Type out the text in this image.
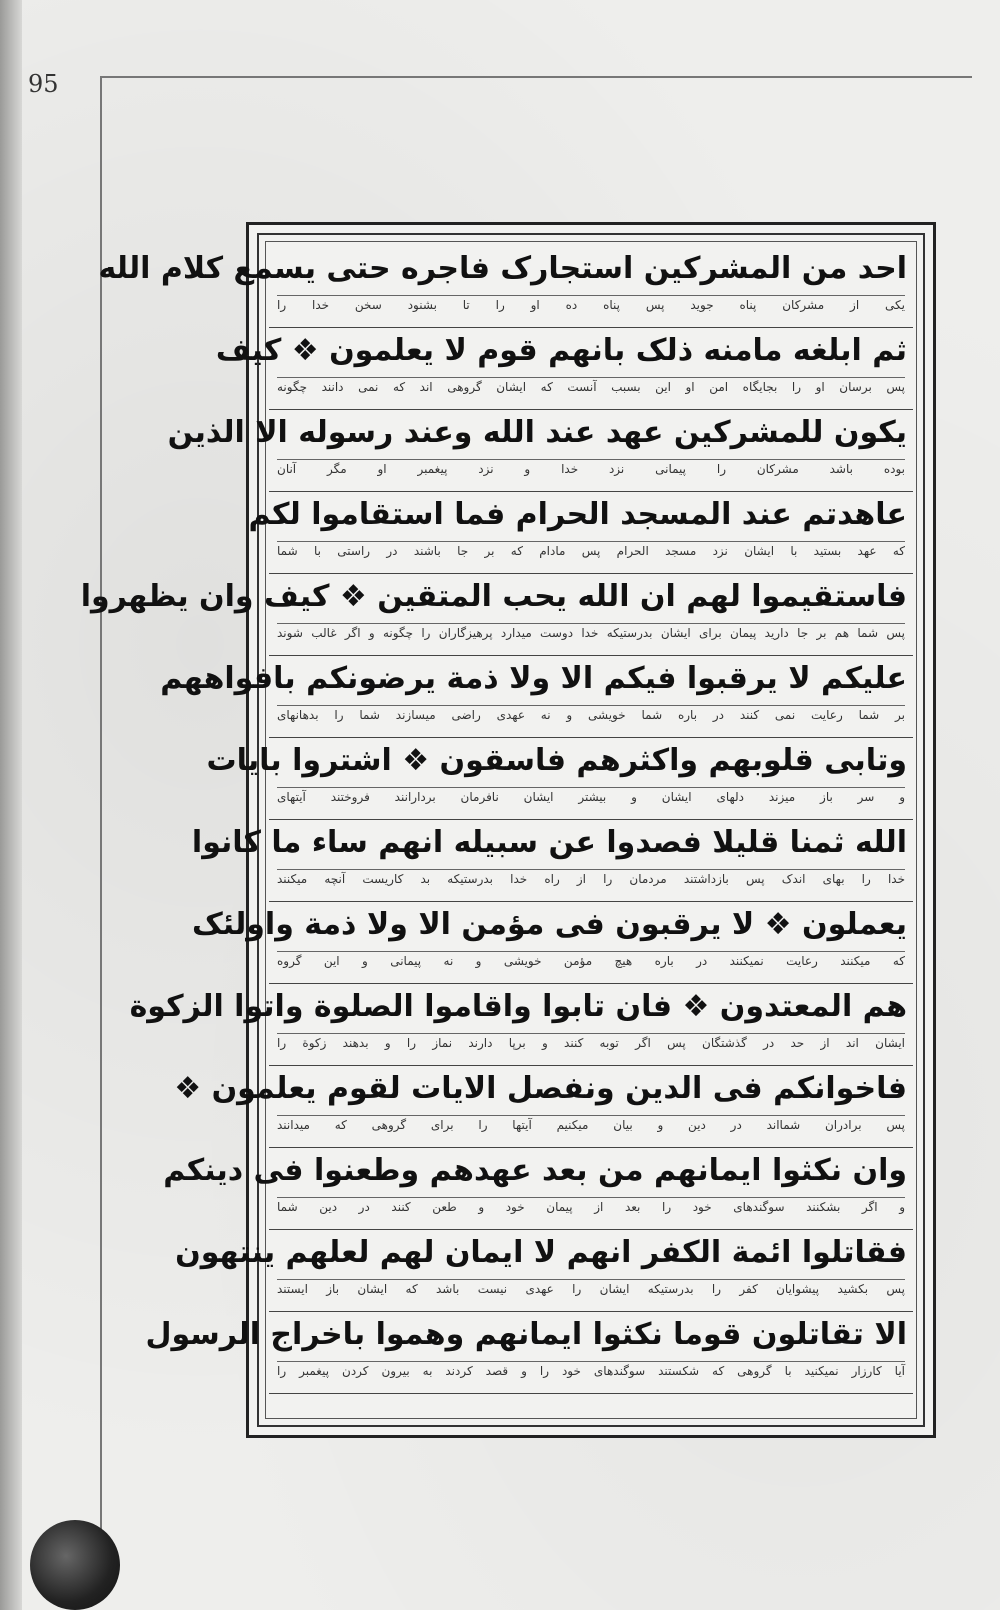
95
احد من المشرکین استجارک فاجره حتی یسمع کلام الله
یکی از مشرکان پناه جوید پس پناه ده او را تا بشنود سخن خدا را
ثم ابلغه مامنه ذلک بانهم قوم لا یعلمون ❖ کیف
پس برسان او را بجایگاه امن او این بسبب آنست که ایشان گروهی اند که نمی دانند چگونه
یکون للمشرکین عهد عند الله وعند رسوله الا الذین
بوده باشد مشرکان را پیمانی نزد خدا و نزد پیغمبر او مگر آنان
عاهدتم عند المسجد الحرام فما استقاموا لکم
که عهد بستید با ایشان نزد مسجد الحرام پس مادام که بر جا باشند در راستی با شما
فاستقیموا لهم ان الله یحب المتقین ❖ کیف وان یظهروا
پس شما هم بر جا دارید پیمان برای ایشان بدرستیکه خدا دوست میدارد پرهیزگاران را چگونه و اگر غالب شوند
علیکم لا یرقبوا فیکم الا ولا ذمة یرضونکم بافواههم
بر شما رعایت نمی کنند در باره شما خویشی و نه عهدی راضی میسازند شما را بدهانهای
وتابی قلوبهم واکثرهم فاسقون ❖ اشتروا بایات
و سر باز میزند دلهای ایشان و بیشتر ایشان نافرمان بردارانند فروختند آیتهای
الله ثمنا قلیلا فصدوا عن سبیله انهم ساء ما کانوا
خدا را بهای اندک پس بازداشتند مردمان را از راه خدا بدرستیکه بد کاریست آنچه میکنند
یعملون ❖ لا یرقبون فی مؤمن الا ولا ذمة واولئک
که میکنند رعایت نمیکنند در باره هیچ مؤمن خویشی و نه پیمانی و این گروه
هم المعتدون ❖ فان تابوا واقاموا الصلوة واتوا الزکوة
ایشان اند از حد در گذشتگان پس اگر توبه کنند و برپا دارند نماز را و بدهند زکوة را
فاخوانکم فی الدین ونفصل الایات لقوم یعلمون ❖
پس برادران شمااند در دین و بیان میکنیم آیتها را برای گروهی که میدانند
وان نکثوا ایمانهم من بعد عهدهم وطعنوا فی دینکم
و اگر بشکنند سوگندهای خود را بعد از پیمان خود و طعن کنند در دین شما
فقاتلوا ائمة الکفر انهم لا ایمان لهم لعلهم ینتهون
پس بکشید پیشوایان کفر را بدرستیکه ایشان را عهدی نیست باشد که ایشان باز ایستند
الا تقاتلون قوما نکثوا ایمانهم وهموا باخراج الرسول
آیا کارزار نمیکنید با گروهی که شکستند سوگندهای خود را و قصد کردند به بیرون کردن پیغمبر را
